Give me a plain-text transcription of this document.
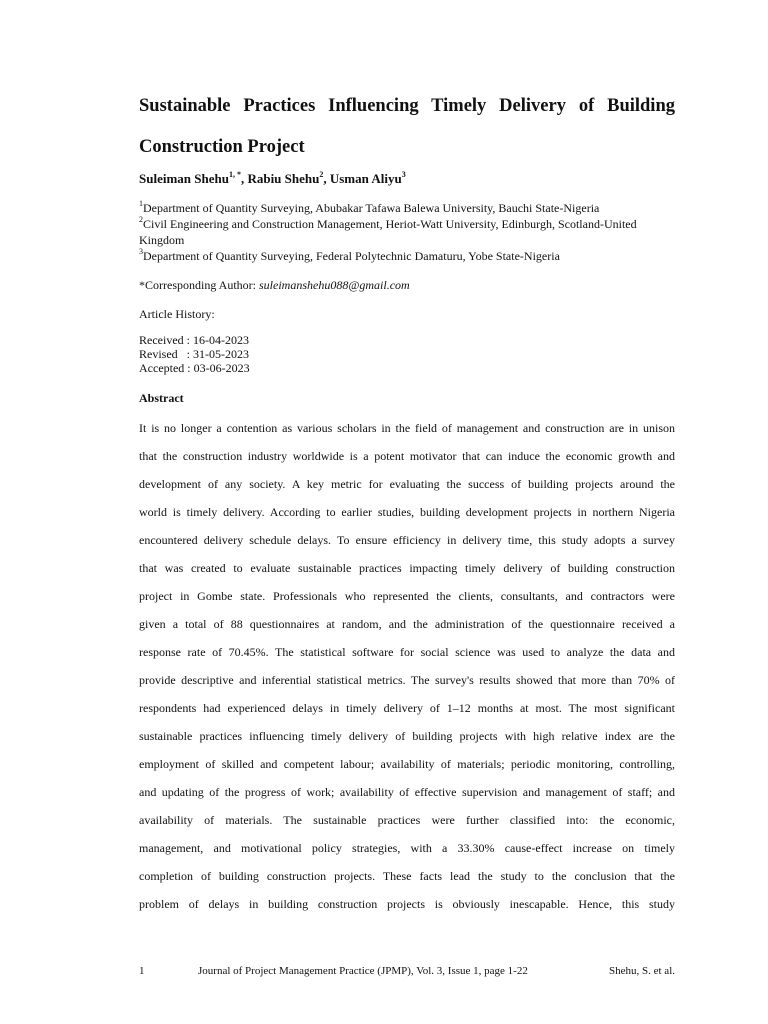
Sustainable Practices Influencing Timely Delivery of Building Construction Project
Suleiman Shehu$^{1, *}$, Rabiu Shehu$^2$, Usman Aliyu$^3$

$^1$Department of Quantity Surveying, Abubakar Tafawa Balewa University, Bauchi State-Nigeria

$^2$Civil Engineering and Construction Management, Heriot-Watt University, Edinburgh, Scotland-United Kingdom

$^3$Department of Quantity Surveying, Federal Polytechnic Damaturu, Yobe State-Nigeria

*Corresponding Author: suleimanshehu088@gmail.com
Article History:
Received : 16-04-2023
Revised   : 31-05-2023
Accepted : 03-06-2023
Abstract
It is no longer a contention as various scholars in the field of management and construction are in unison
that the construction industry worldwide is a potent motivator that can induce the economic growth and
development of any society. A key metric for evaluating the success of building projects around the
world is timely delivery. According to earlier studies, building development projects in northern Nigeria
encountered delivery schedule delays. To ensure efficiency in delivery time, this study adopts a survey
that was created to evaluate sustainable practices impacting timely delivery of building construction
project in Gombe state. Professionals who represented the clients, consultants, and contractors were
given a total of 88 questionnaires at random, and the administration of the questionnaire received a
response rate of 70.45%. The statistical software for social science was used to analyze the data and
provide descriptive and inferential statistical metrics. The survey's results showed that more than 70% of
respondents had experienced delays in timely delivery of 1–12 months at most. The most significant
sustainable practices influencing timely delivery of building projects with high relative index are the
employment of skilled and competent labour; availability of materials; periodic monitoring, controlling,
and updating of the progress of work; availability of effective supervision and management of staff; and
availability of materials. The sustainable practices were further classified into: the economic,
management, and motivational policy strategies, with a 33.30% cause-effect increase on timely
completion of building construction projects. These facts lead the study to the conclusion that the
problem of delays in building construction projects is obviously inescapable. Hence, this study
1	Journal of Project Management Practice (JPMP), Vol. 3, Issue 1, page 1-22	Shehu, S. et al.
